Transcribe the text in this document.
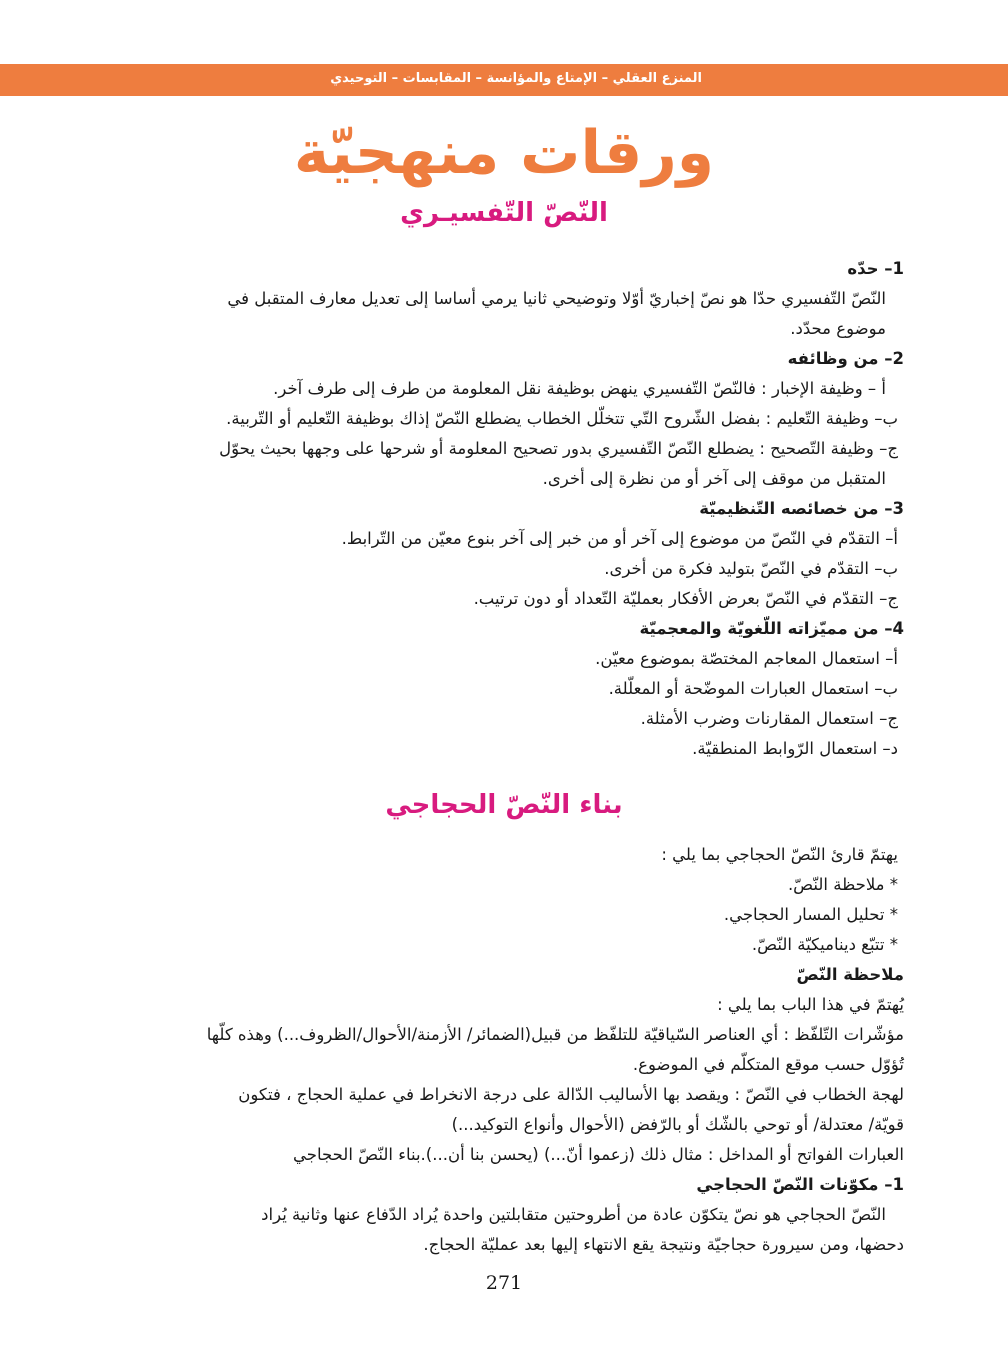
المنزع العقلي – الإمتاع والمؤانسة – المقابسات – التوحيدي
ورقات منهجيّة
النّصّ التّفسيـري

1– حدّه

النّصّ التّفسيري حدّا هو نصّ إخباريّ أوّلا وتوضيحي ثانيا يرمي أساسا إلى تعديل معارف المتقبل في

موضوع محدّد.

2– من وظائفه

أ – وظيفة الإخبار : فالنّصّ التّفسيري ينهض بوظيفة نقل المعلومة من طرف إلى طرف آخر.

ب– وظيفة التّعليم : بفضل الشّروح التّي تتخلّل الخطاب يضطلع النّصّ إذاك بوظيفة التّعليم أو التّربية.

ج– وظيفة التّصحيح : يضطلع النّصّ التّفسيري بدور تصحيح المعلومة أو شرحها على وجهها بحيث يحوّل

المتقبل من موقف إلى آخر أو من نظرة إلى أخرى.

3– من خصائصه التّنظيميّة

أ– التقدّم في النّصّ من موضوع إلى آخر أو من خبر إلى آخر بنوع معيّن من التّرابط.

ب– التقدّم في النّصّ بتوليد فكرة من أخرى.

ج– التقدّم في النّصّ بعرض الأفكار بعمليّة التّعداد أو دون ترتيب.

4– من مميّزاته اللّغويّة والمعجميّة

أ– استعمال المعاجم المختصّة بموضوع معيّن.

ب– استعمال العبارات الموضّحة أو المعلّلة.

ج– استعمال المقارنات وضرب الأمثلة.

د– استعمال الرّوابط المنطقيّة.

بناء النّصّ الحجاجي

يهتمّ قارئ النّصّ الحجاجي بما يلي :

* ملاحظة النّصّ.

* تحليل المسار الحجاجي.

* تتبّع ديناميكيّة النّصّ.

ملاحظة النّصّ

يُهتمّ في هذا الباب بما يلي :

مؤشّرات التّلفّظ : أي العناصر السّياقيّة للتلفّظ من قبيل(الضمائر/ الأزمنة/الأحوال/الظروف...) وهذه كلّها

تُؤوّل حسب موقع المتكلّم في الموضوع.

لهجة الخطاب في النّصّ : ويقصد بها الأساليب الدّالة على درجة الانخراط في عملية الحجاج ، فتكون

قويّة/ معتدلة/ أو توحي بالشّك أو بالرّفض (الأحوال وأنواع التوكيد...)

العبارات الفواتح أو المداخل : مثال ذلك (زعموا أنّ...) (يحسن بنا أن...).بناء النّصّ الحجاجي

1– مكوّنات النّصّ الحجاجي

النّصّ الحجاجي هو نصّ يتكوّن عادة من أطروحتين متقابلتين واحدة يُراد الدّفاع عنها وثانية يُراد

دحضها، ومن سيرورة حجاجيّة ونتيجة يقع الانتهاء إليها بعد عمليّة الحجاج.

271
